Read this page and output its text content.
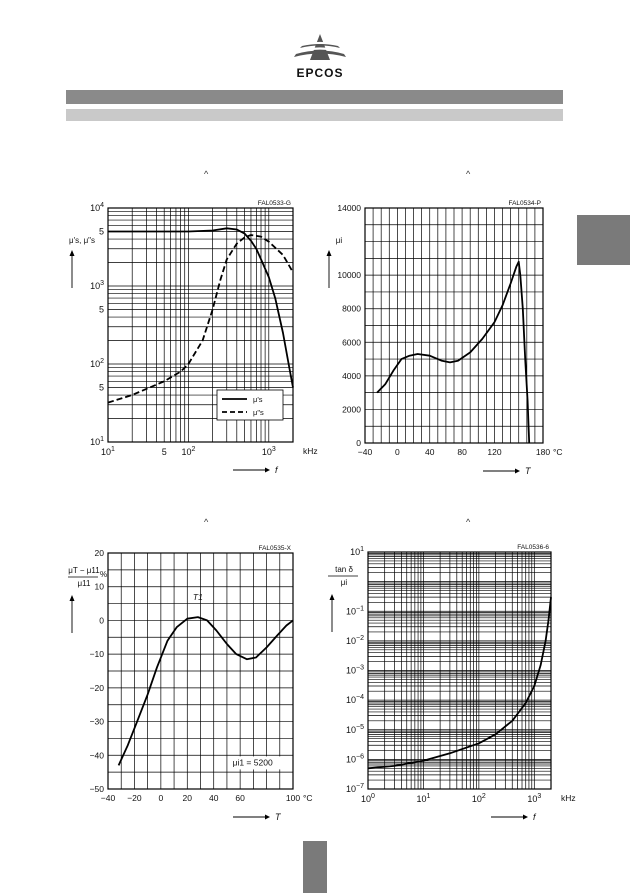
EPCOS
^	^
^	^
FAL0533-G
$10^1$	5 $10^2$	$10^3$
$10^1$
5
$10^2$
5
$10^3$
5
$10^4$
kHz
f
μ's, μ"s
μ's
μ"s
FAL0534-P
−40	0	40	80 120	180
0
2000
4000
6000
8000
10000
14000
°C
T
μi
FAL0535-X
−40 −20 0 20 40 60	100
−50
−40
−30
−20
−10
0
10
20
°C
T
μT − μ11
μ11
%
T1
μi1 = 5200
FAL0536-6
$10^0$	$10^1$	$10^2$	$10^3$
$10^{-7}$
$10^{-6}$
$10^{-5}$
$10^{-4}$
$10^{-3}$
$10^{-2}$
$10^{-1}$
$10^1$
kHz
f
tan δ
μi
